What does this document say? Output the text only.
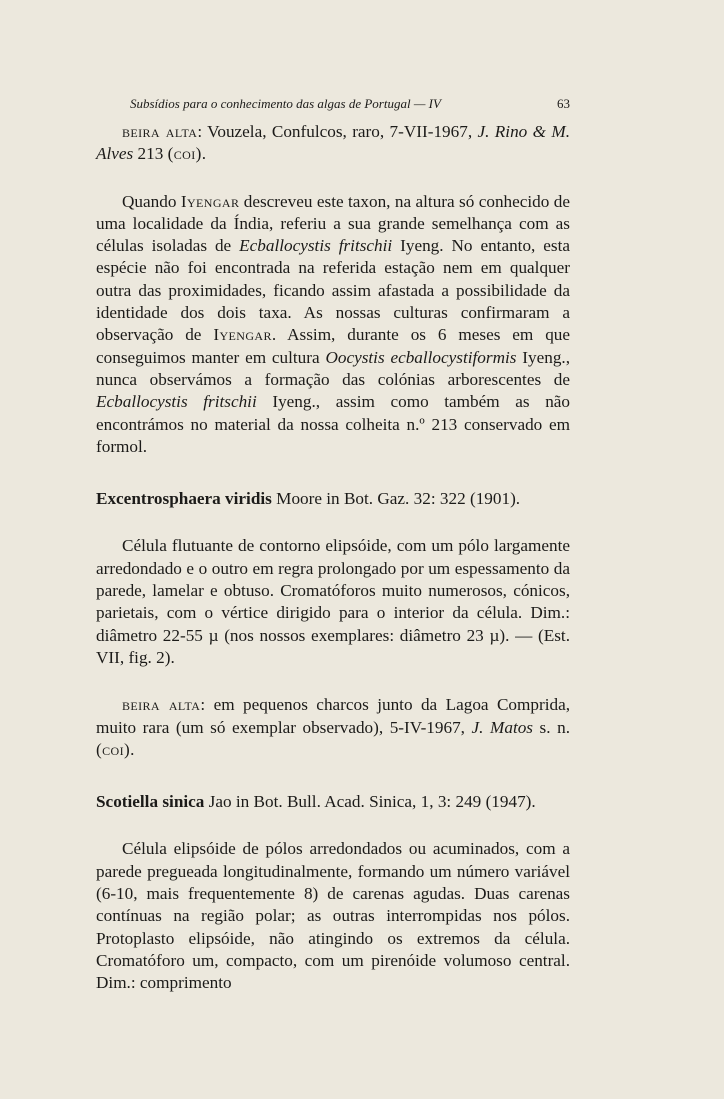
Subsídios para o conhecimento das algas de Portugal — IV	63

beira alta: Vouzela, Confulcos, raro, 7-VII-1967, J. Rino & M. Alves 213 (coi).

Quando Iyengar descreveu este taxon, na altura só conhecido de uma localidade da Índia, referiu a sua grande semelhança com as células isoladas de Ecballocystis fritschii Iyeng. No entanto, esta espécie não foi encontrada na referida estação nem em qualquer outra das proximidades, ficando assim afastada a possibilidade da identidade dos dois taxa. As nossas culturas confirmaram a observação de Iyengar. Assim, durante os 6 meses em que conseguimos manter em cultura Oocystis ecballocystiformis Iyeng., nunca observámos a formação das colónias arborescentes de Ecballocystis fritschii Iyeng., assim como também as não encontrámos no material da nossa colheita n.º 213 conservado em formol.

Excentrosphaera viridis Moore in Bot. Gaz. 32: 322 (1901).

Célula flutuante de contorno elipsóide, com um pólo largamente arredondado e o outro em regra prolongado por um espessamento da parede, lamelar e obtuso. Cromatóforos muito numerosos, cónicos, parietais, com o vértice dirigido para o interior da célula. Dim.: diâmetro 22-55 µ (nos nossos exemplares: diâmetro 23 µ). — (Est. VII, fig. 2).

beira alta: em pequenos charcos junto da Lagoa Comprida, muito rara (um só exemplar observado), 5-IV-1967, J. Matos s. n. (coi).

Scotiella sinica Jao in Bot. Bull. Acad. Sinica, 1, 3: 249 (1947).

Célula elipsóide de pólos arredondados ou acuminados, com a parede pregueada longitudinalmente, formando um número variável (6-10, mais frequentemente 8) de carenas agudas. Duas carenas contínuas na região polar; as outras interrompidas nos pólos. Protoplasto elipsóide, não atingindo os extremos da célula. Cromatóforo um, compacto, com um pirenóide volumoso central. Dim.: comprimento
